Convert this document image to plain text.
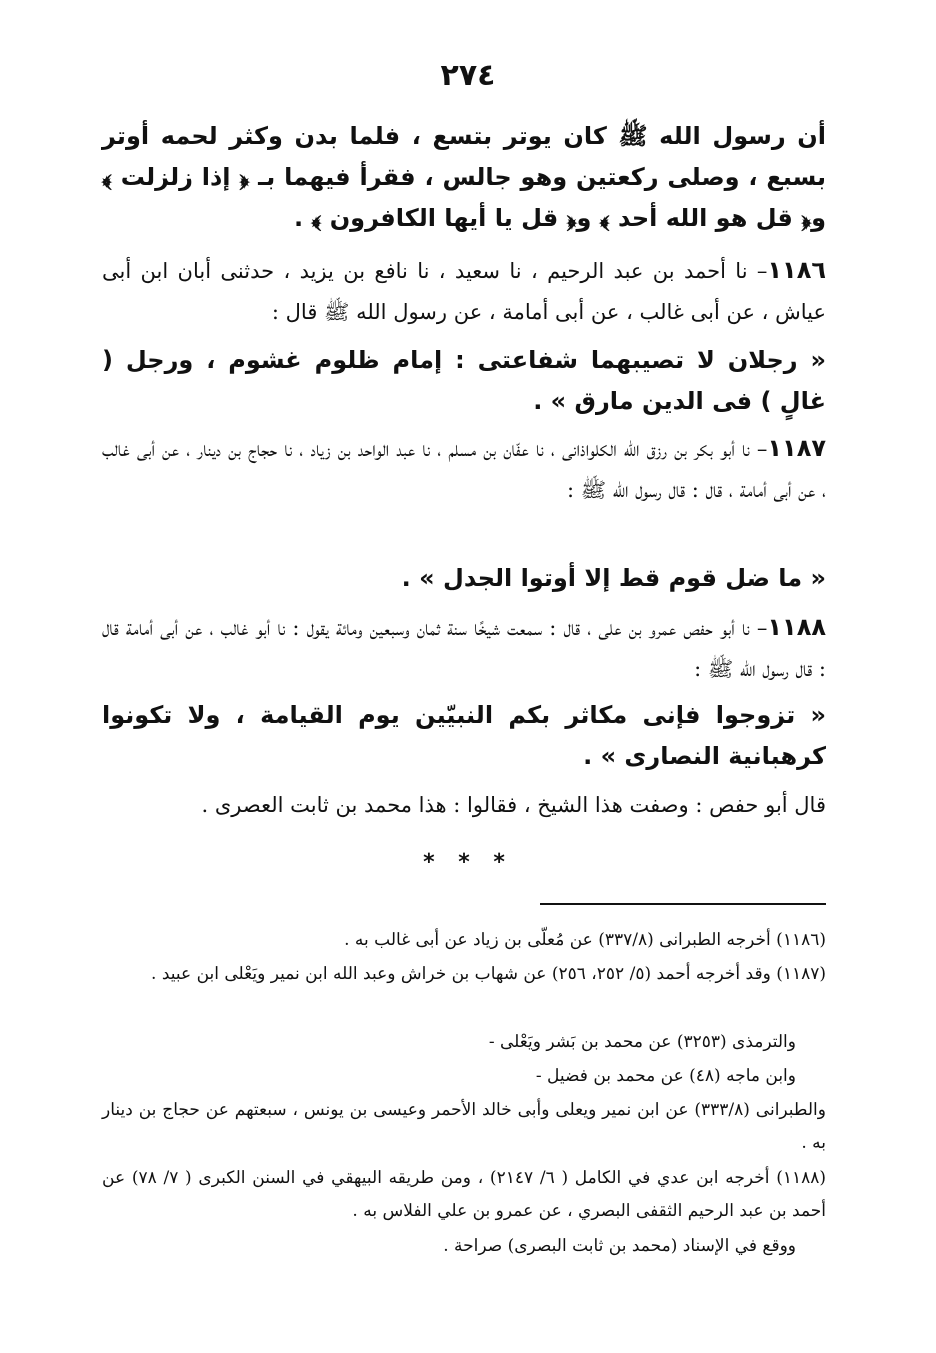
٢٧٤
أن رسول الله ﷺ كان يوتر بتسع ، فلما بدن وكثر لحمه أوتر بسبع ، وصلى ركعتين وهو جالس ، فقرأ فيهما بـ ﴿ إذا زلزلت ﴾ و﴿ قل هو الله أحد ﴾ و﴿ قل يا أيها الكافرون ﴾ .
١١٨٦– نا أحمد بن عبد الرحيم ، نا سعيد ، نا نافع بن يزيد ، حدثنى أبان ابن أبى عياش ، عن أبى غالب ، عن أبى أمامة ، عن رسول الله ﷺ قال :
« رجلان لا تصيبهما شفاعتى : إمام ظلوم غشوم ، ورجل ( غالٍ ) فى الدين مارق » .
١١٨٧– نا أبو بكر بن رزق الله الكلواذانى ، نا عفّان بن مسلم ، نا عبد الواحد بن زياد ، نا حجاج بن دينار ، عن أبى غالب ، عن أبى أمامة ، قال : قال رسول الله ﷺ :
« ما ضل قوم قط إلا أوتوا الجدل » .
١١٨٨– نا أبو حفص عمرو بن على ، قال : سمعت شيخًا سنة ثمان وسبعين ومائة يقول : نا أبو غالب ، عن أبى أمامة قال : قال رسول الله ﷺ :
« تزوجوا فإنى مكاثر بكم النبيّين يوم القيامة ، ولا تكونوا كرهبانية النصارى » .
قال أبو حفص : وصفت هذا الشيخ ، فقالوا : هذا محمد بن ثابت العصرى .
* * *
(١١٨٦) أخرجه الطبرانى (٣٣٧/٨) عن مُعلّى بن زياد عن أبى غالب به .
(١١٨٧) وقد أخرجه أحمد (٥/ ٢٥٢، ٢٥٦) عن شهاب بن خراش وعبد الله ابن نمير ويَعْلى ابن عبيد .
والترمذى (٣٢٥٣) عن محمد بن بَشر ويَعْلى -
وابن ماجه (٤٨) عن محمد بن فضيل -
والطبرانى (٣٣٣/٨) عن ابن نمير ويعلى وأبى خالد الأحمر وعيسى بن يونس ، سبعتهم عن حجاج بن دينار به .
(١١٨٨) أخرجه ابن عدي في الكامل ( ٦/ ٢١٤٧) ، ومن طريقه البيهقي في السنن الكبرى ( ٧/ ٧٨) عن أحمد بن عبد الرحيم الثقفى البصري ، عن عمرو بن علي الفلاس به .
ووقع في الإسناد (محمد بن ثابت البصرى) صراحة .
